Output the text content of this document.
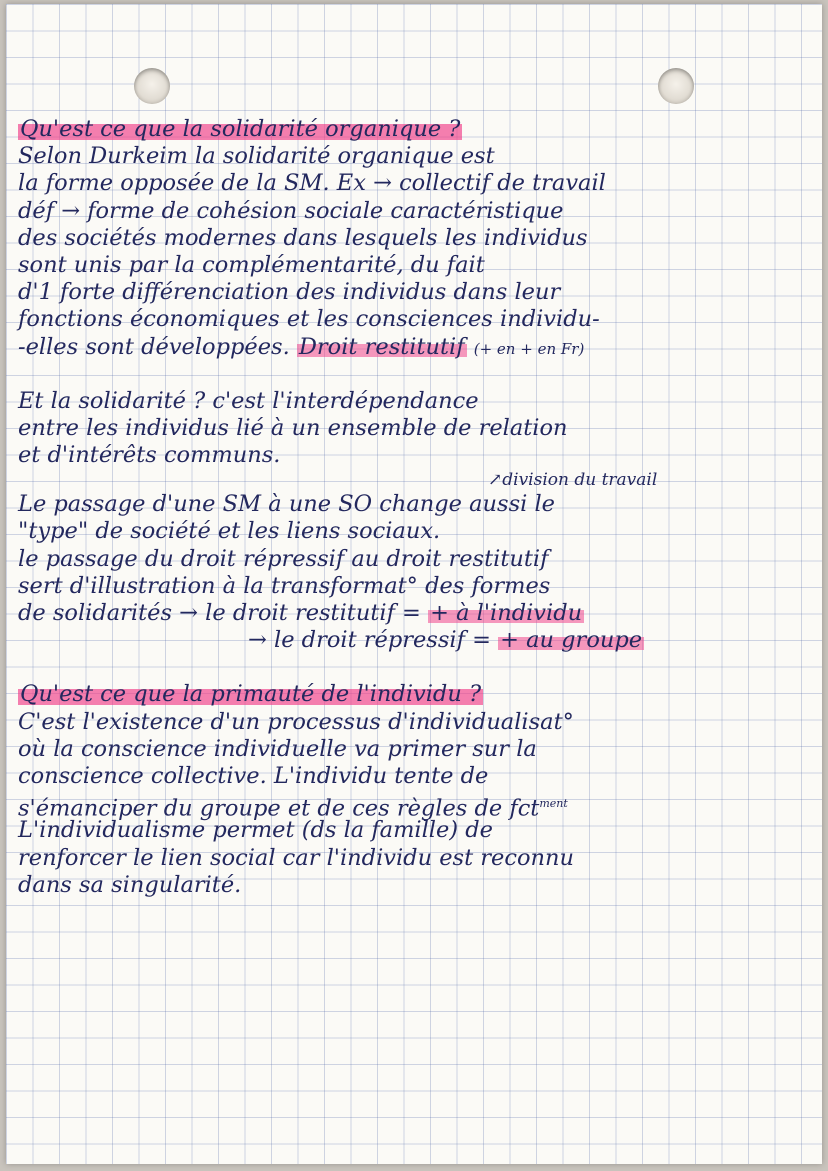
Qu'est ce que la solidarité organique ?
Selon Durkeim la solidarité organique est
la forme opposée de la SM. Ex → collectif de travail
déf → forme de cohésion sociale caractéristique
des sociétés modernes dans lesquels les individus
sont unis par la complémentarité, du fait
d'1 forte différenciation des individus dans leur
fonctions économiques et les consciences individu-
-elles sont développées. Droit restitutif (+ en + en Fr)
Et la solidarité ? c'est l'interdépendance
entre les individus lié à un ensemble de relation
et d'intérêts communs.
↗division du travail
Le passage d'une SM à une SO change aussi le
"type" de société et les liens sociaux.
le passage du droit répressif au droit restitutif
sert d'illustration à la transformat° des formes
de solidarités → le droit restitutif = + à l'individu
→ le droit répressif = + au groupe
Qu'est ce que la primauté de l'individu ?
C'est l'existence d'un processus d'individualisat°
où la conscience individuelle va primer sur la
conscience collective. L'individu tente de
s'émanciper du groupe et de ces règles de fct$^{ment}$
L'individualisme permet (ds la famille) de
renforcer le lien social car l'individu est reconnu
dans sa singularité.
